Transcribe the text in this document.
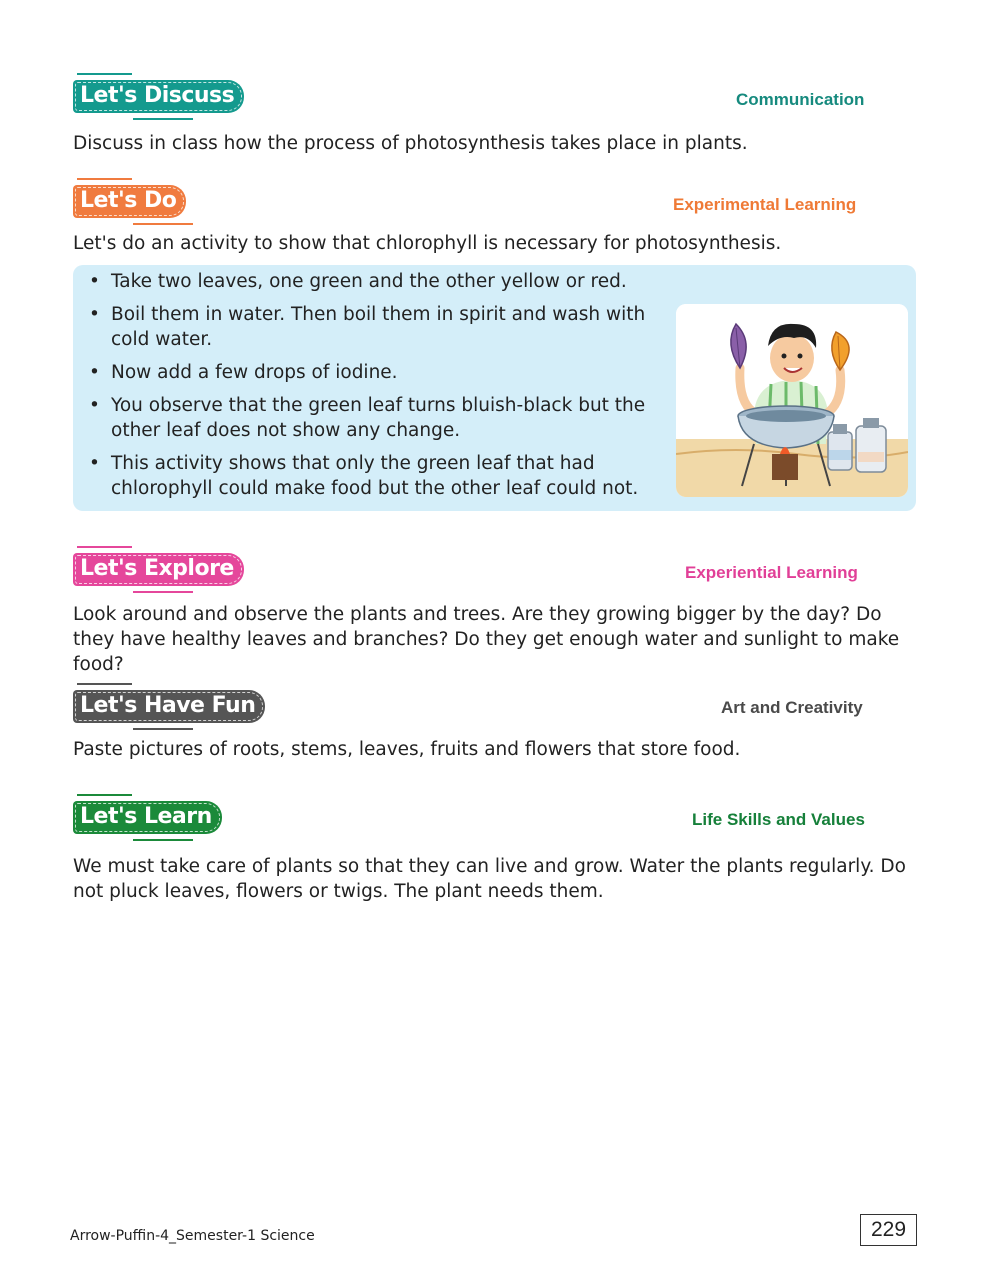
Let's Discuss	Communication

Discuss in class how the process of photosynthesis takes place in plants.

Let's Do	Experimental Learning

Let's do an activity to show that chlorophyll is necessary for photosynthesis.

• Take two leaves, one green and the other yellow or red.
• Boil them in water. Then boil them in spirit and wash with cold water.
• Now add a few drops of iodine.
• You observe that the green leaf turns bluish-black but the other leaf does not show any change.
• This activity shows that only the green leaf that had chlorophyll could make food but the other leaf could not.
Let's Explore	Experiential Learning

Look around and observe the plants and trees. Are they growing bigger by the day? Do they have healthy leaves and branches? Do they get enough water and sunlight to make food?

Let's Have Fun	Art and Creativity

Paste pictures of roots, stems, leaves, fruits and flowers that store food.

Let's Learn	Life Skills and Values

We must take care of plants so that they can live and grow. Water the plants regularly. Do not pluck leaves, flowers or twigs. The plant needs them.

Arrow-Puffin-4_Semester-1 Science	229
